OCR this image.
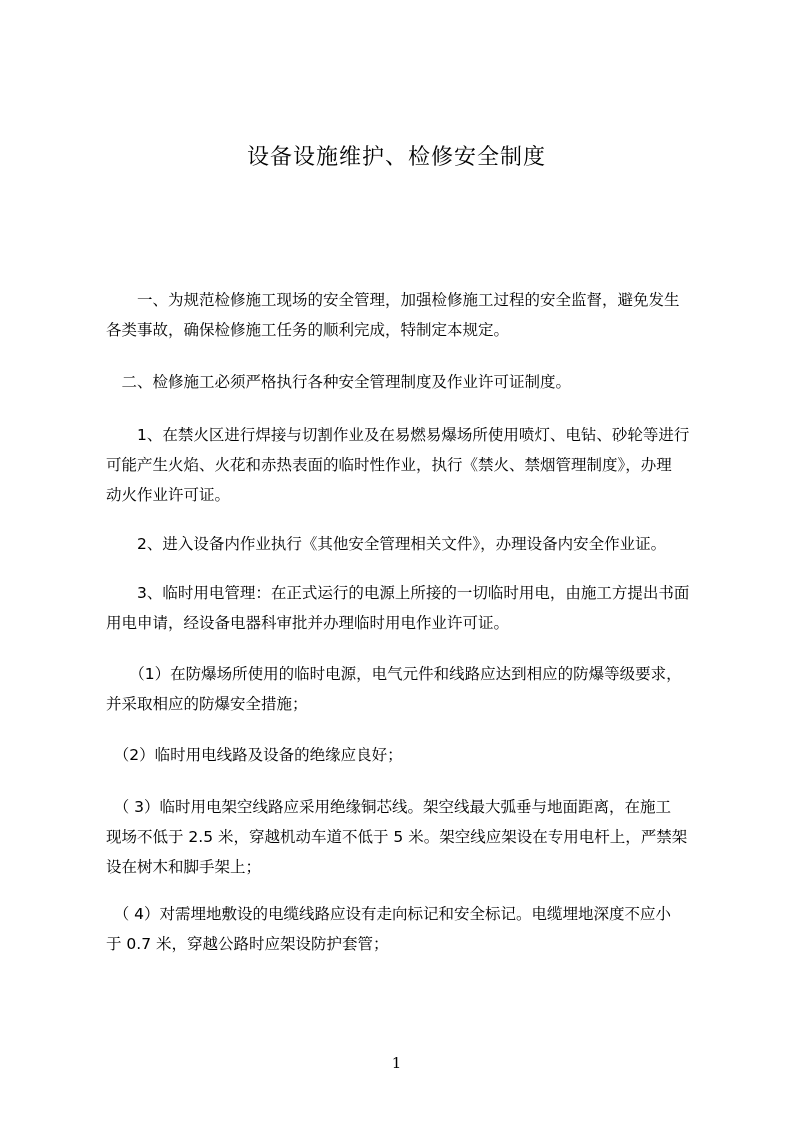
设备设施维护、检修安全制度

　　一、为规范检修施工现场的安全管理，加强检修施工过程的安全监督，避免发生
各类事故，确保检修施工任务的顺利完成，特制定本规定。

　二、检修施工必须严格执行各种安全管理制度及作业许可证制度。

　　1、在禁火区进行焊接与切割作业及在易燃易爆场所使用喷灯、电钻、砂轮等进行
可能产生火焰、火花和赤热表面的临时性作业，执行《禁火、禁烟管理制度》，办理
动火作业许可证。

　　2、进入设备内作业执行《其他安全管理相关文件》，办理设备内安全作业证。

　　3、临时用电管理：在正式运行的电源上所接的一切临时用电，由施工方提出书面
用电申请，经设备电器科审批并办理临时用电作业许可证。

　　（1）在防爆场所使用的临时电源，电气元件和线路应达到相应的防爆等级要求，
并采取相应的防爆安全措施；

　（2）临时用电线路及设备的绝缘应良好；

　（ 3）临时用电架空线路应采用绝缘铜芯线。架空线最大弧垂与地面距离，在施工
现场不低于 2.5 米，穿越机动车道不低于 5 米。架空线应架设在专用电杆上，严禁架
设在树木和脚手架上；

　（ 4）对需埋地敷设的电缆线路应设有走向标记和安全标记。电缆埋地深度不应小
于 0.7 米，穿越公路时应架设防护套管；

1
